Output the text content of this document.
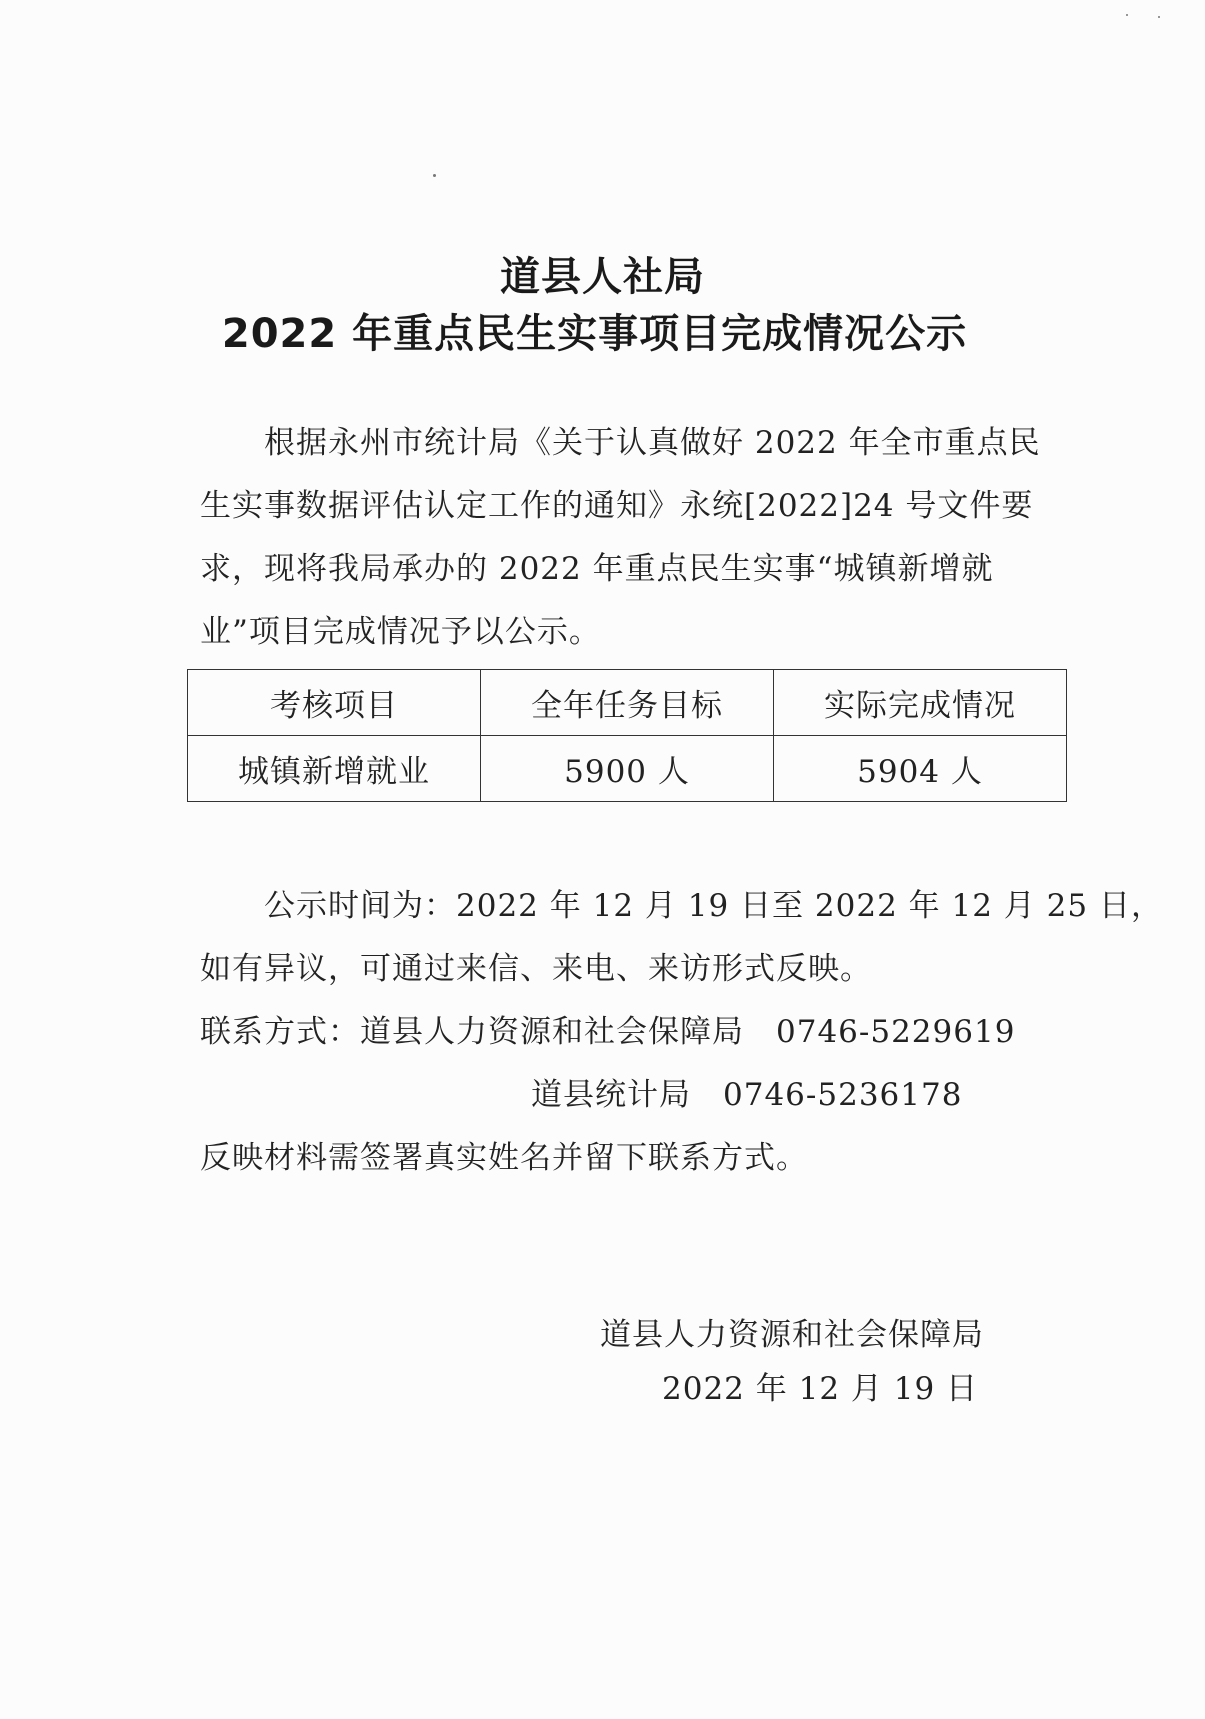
道县人社局
2022 年重点民生实事项目完成情况公示
根据永州市统计局《关于认真做好 2022 年全市重点民生实事数据评估认定工作的通知》永统[2022]24 号文件要求，现将我局承办的 2022 年重点民生实事“城镇新增就业”项目完成情况予以公示。
考核项目	全年任务目标	实际完成情况
城镇新增就业	5900 人	5904 人
公示时间为：2022 年 12 月 19 日至 2022 年 12 月 25 日，
如有异议，可通过来信、来电、来访形式反映。
联系方式：道县人力资源和社会保障局　0746-5229619
道县统计局　0746-5236178
反映材料需签署真实姓名并留下联系方式。
道县人力资源和社会保障局
2022 年 12 月 19 日
